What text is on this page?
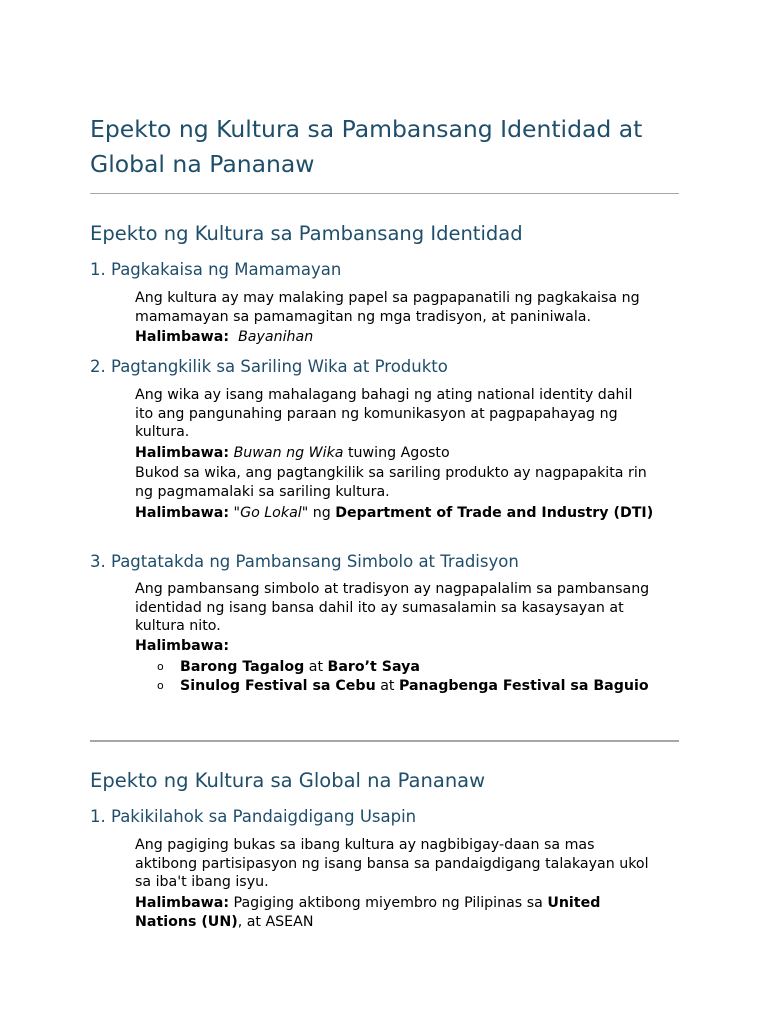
Epekto ng Kultura sa Pambansang Identidad at Global na Pananaw
Epekto ng Kultura sa Pambansang Identidad
1. Pagkakaisa ng Mamamayan

Ang kultura ay may malaking papel sa pagpapanatili ng pagkakaisa ng mamamayan sa pamamagitan ng mga tradisyon, at paniniwala.

Halimbawa: Bayanihan

2. Pagtangkilik sa Sariling Wika at Produkto

Ang wika ay isang mahalagang bahagi ng ating national identity dahil ito ang pangunahing paraan ng komunikasyon at pagpapahayag ng kultura.

Halimbawa: Buwan ng Wika tuwing Agosto

Bukod sa wika, ang pagtangkilik sa sariling produkto ay nagpapakita rin ng pagmamalaki sa sariling kultura.

Halimbawa: "Go Lokal" ng Department of Trade and Industry (DTI)

3. Pagtatakda ng Pambansang Simbolo at Tradisyon

Ang pambansang simbolo at tradisyon ay nagpapalalim sa pambansang identidad ng isang bansa dahil ito ay sumasalamin sa kasaysayan at kultura nito.

Halimbawa:

o Barong Tagalog at Baro’t Saya
o Sinulog Festival sa Cebu at Panagbenga Festival sa Baguio
Epekto ng Kultura sa Global na Pananaw
1. Pakikilahok sa Pandaigdigang Usapin

Ang pagiging bukas sa ibang kultura ay nagbibigay-daan sa mas aktibong partisipasyon ng isang bansa sa pandaigdigang talakayan ukol sa iba't ibang isyu.

Halimbawa: Pagiging aktibong miyembro ng Pilipinas sa United Nations (UN), at ASEAN
